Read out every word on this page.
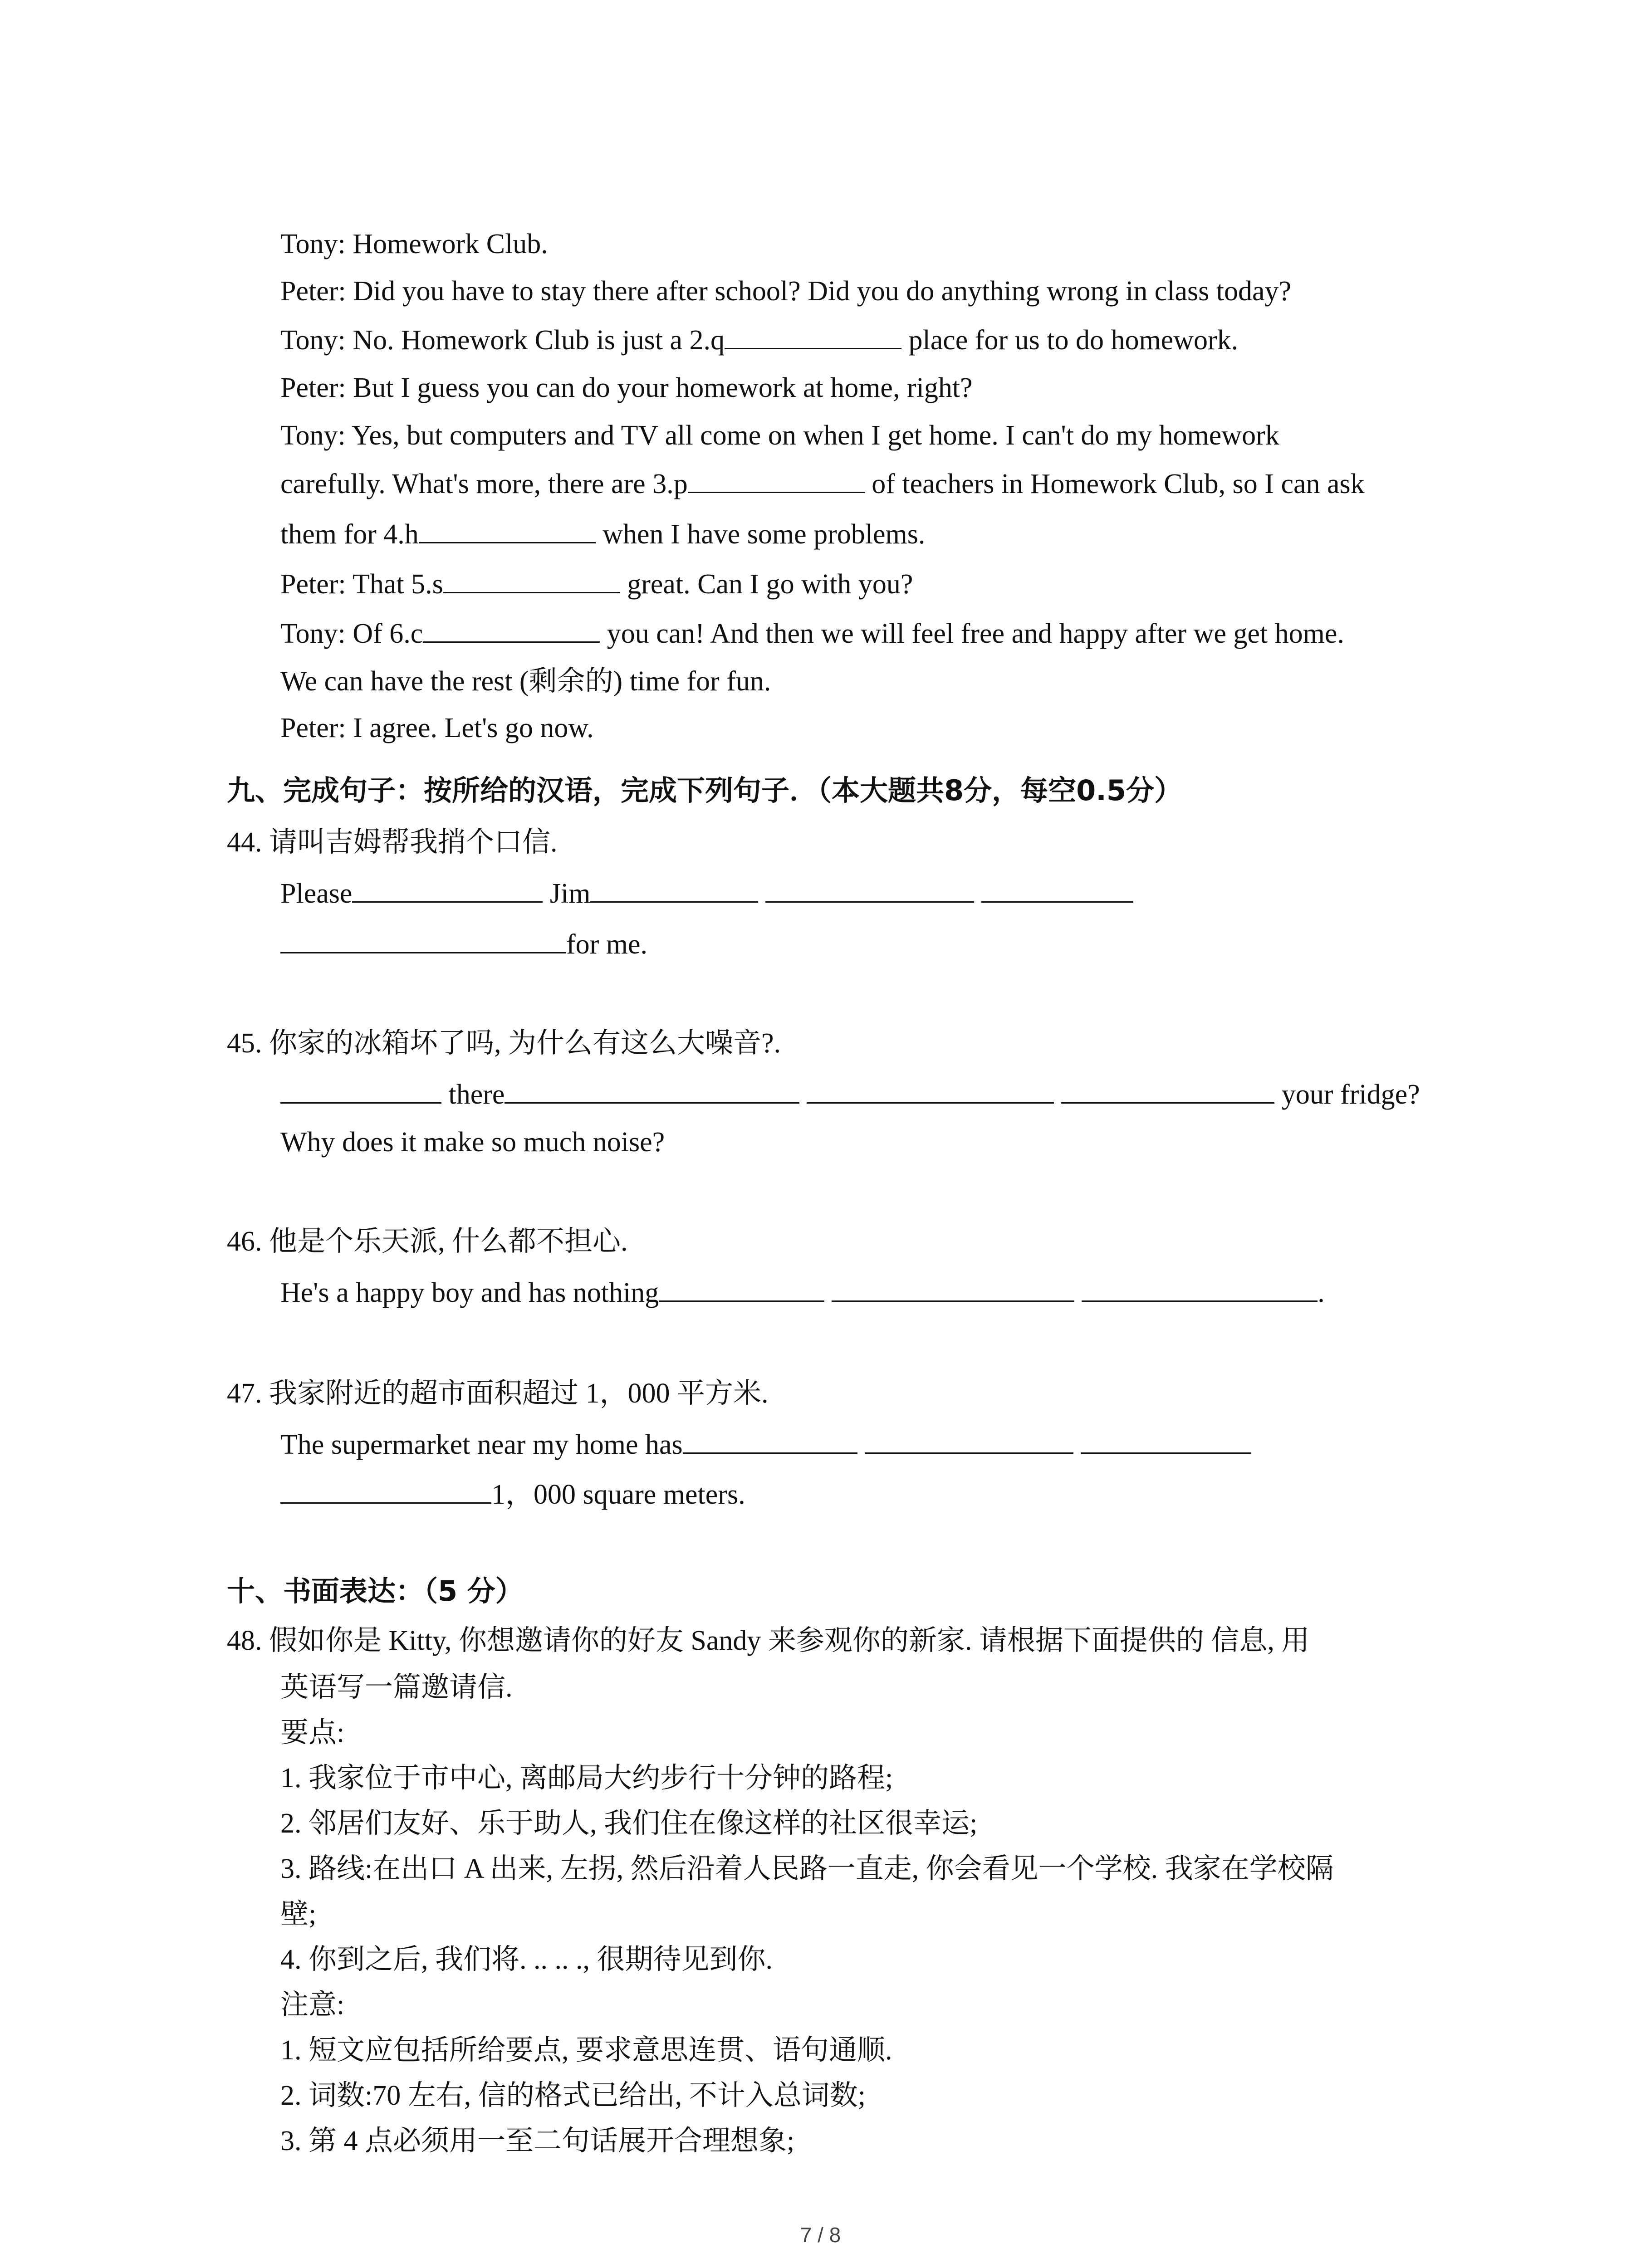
Tony: Homework Club.
Peter: Did you have to stay there after school? Did you do anything wrong in class today?
Tony: No. Homework Club is just a 2.q	place for us to do homework.
Peter: But I guess you can do your homework at home, right?
Tony: Yes, but computers and TV all come on when I get home. I can't do my homework
carefully. What's more, there are 3.p	of teachers in Homework Club, so I can ask
them for 4.h	when I have some problems.
Peter: That 5.s	great. Can I go with you?
Tony: Of 6.c	you can! And then we will feel free and happy after we get home.
We can have the rest (剩余的) time for fun.
Peter: I agree. Let's go now.
九、完成句子：按所给的汉语，完成下列句子．（本大题共8分，每空0.5分）
44. 请叫吉姆帮我捎个口信.
Please	Jim
for me.
45. 你家的冰箱坏了吗, 为什么有这么大噪音?.
there	your fridge?
Why does it make so much noise?
46. 他是个乐天派, 什么都不担心.
He's a happy boy and has nothing	.
47. 我家附近的超市面积超过 1，000 平方米.
The supermarket near my home has
1，000 square meters.
十、书面表达：（5 分）
48. 假如你是 Kitty, 你想邀请你的好友 Sandy 来参观你的新家. 请根据下面提供的 信息, 用
英语写一篇邀请信.
要点:
1. 我家位于市中心, 离邮局大约步行十分钟的路程;
2. 邻居们友好、乐于助人, 我们住在像这样的社区很幸运;
3. 路线:在出口 A 出来, 左拐, 然后沿着人民路一直走, 你会看见一个学校. 我家在学校隔
壁;
4. 你到之后, 我们将. .. .. ., 很期待见到你.
注意:
1. 短文应包括所给要点, 要求意思连贯、语句通顺.
2. 词数:70 左右, 信的格式已给出, 不计入总词数;
3. 第 4 点必须用一至二句话展开合理想象;
7 / 8
